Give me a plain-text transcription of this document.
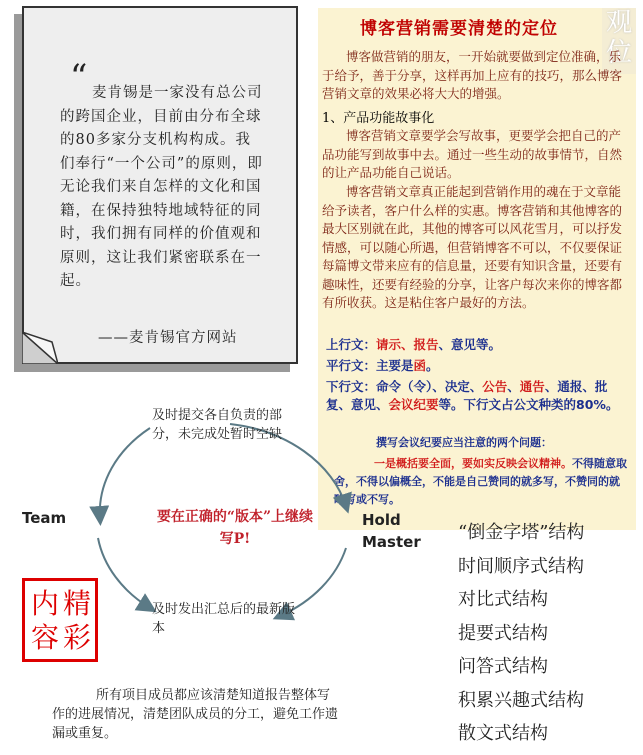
“ 麦肯锡是一家没有总公司的跨国企业，目前由分布全球的80多家分支机构构成。我们奉行“一个公司”的原则，即无论我们来自怎样的文化和国籍，在保持独特地域特征的同时，我们拥有同样的价值观和原则，这让我们紧密联系在一起。
——麦肯锡官方网站
观位
博客营销需要清楚的定位
博客做营销的朋友，一开始就要做到定位准确，乐于给予，善于分享，这样再加上应有的技巧，那么博客营销文章的效果必将大大的增强。
1、产品功能故事化
博客营销文章要学会写故事，更要学会把自己的产品功能写到故事中去。通过一些生动的故事情节，自然的让产品功能自己说话。
博客营销文章真正能起到营销作用的魂在于文章能给予读者，客户什么样的实惠。博客营销和其他博客的最大区别就在此，其他的博客可以风花雪月，可以抒发情感，可以随心所遇，但营销博客不可以，不仅要保证每篇博文带来应有的信息量，还要有知识含量，还要有趣味性，还要有经验的分享，让客户每次来你的博客都有所收获。这是粘住客户最好的方法。
上行文：请示、报告、意见等。
平行文：主要是函。
下行文：命令（令）、决定、公告、通告、通报、批复、意见、会议纪要等。下行文占公文种类的80%。
撰写会议纪要应当注意的两个问题：
一是概括要全面，要如实反映会议精神。不得随意取舍，不得以偏概全，不能是自己赞同的就多写，不赞同的就略写或不写。
及时提交各自负责的部分，未完成处暂时空缺
及时发出汇总后的最新版本
要在正确的“版本”上继续写P!
Team	Hold Master
内 精
容 彩
所有项目成员都应该清楚知道报告整体写作的进展情况，清楚团队成员的分工，避免工作遗漏或重复。
“倒金字塔”结构
时间顺序式结构
对比式结构
提要式结构
问答式结构
积累兴趣式结构
散文式结构
